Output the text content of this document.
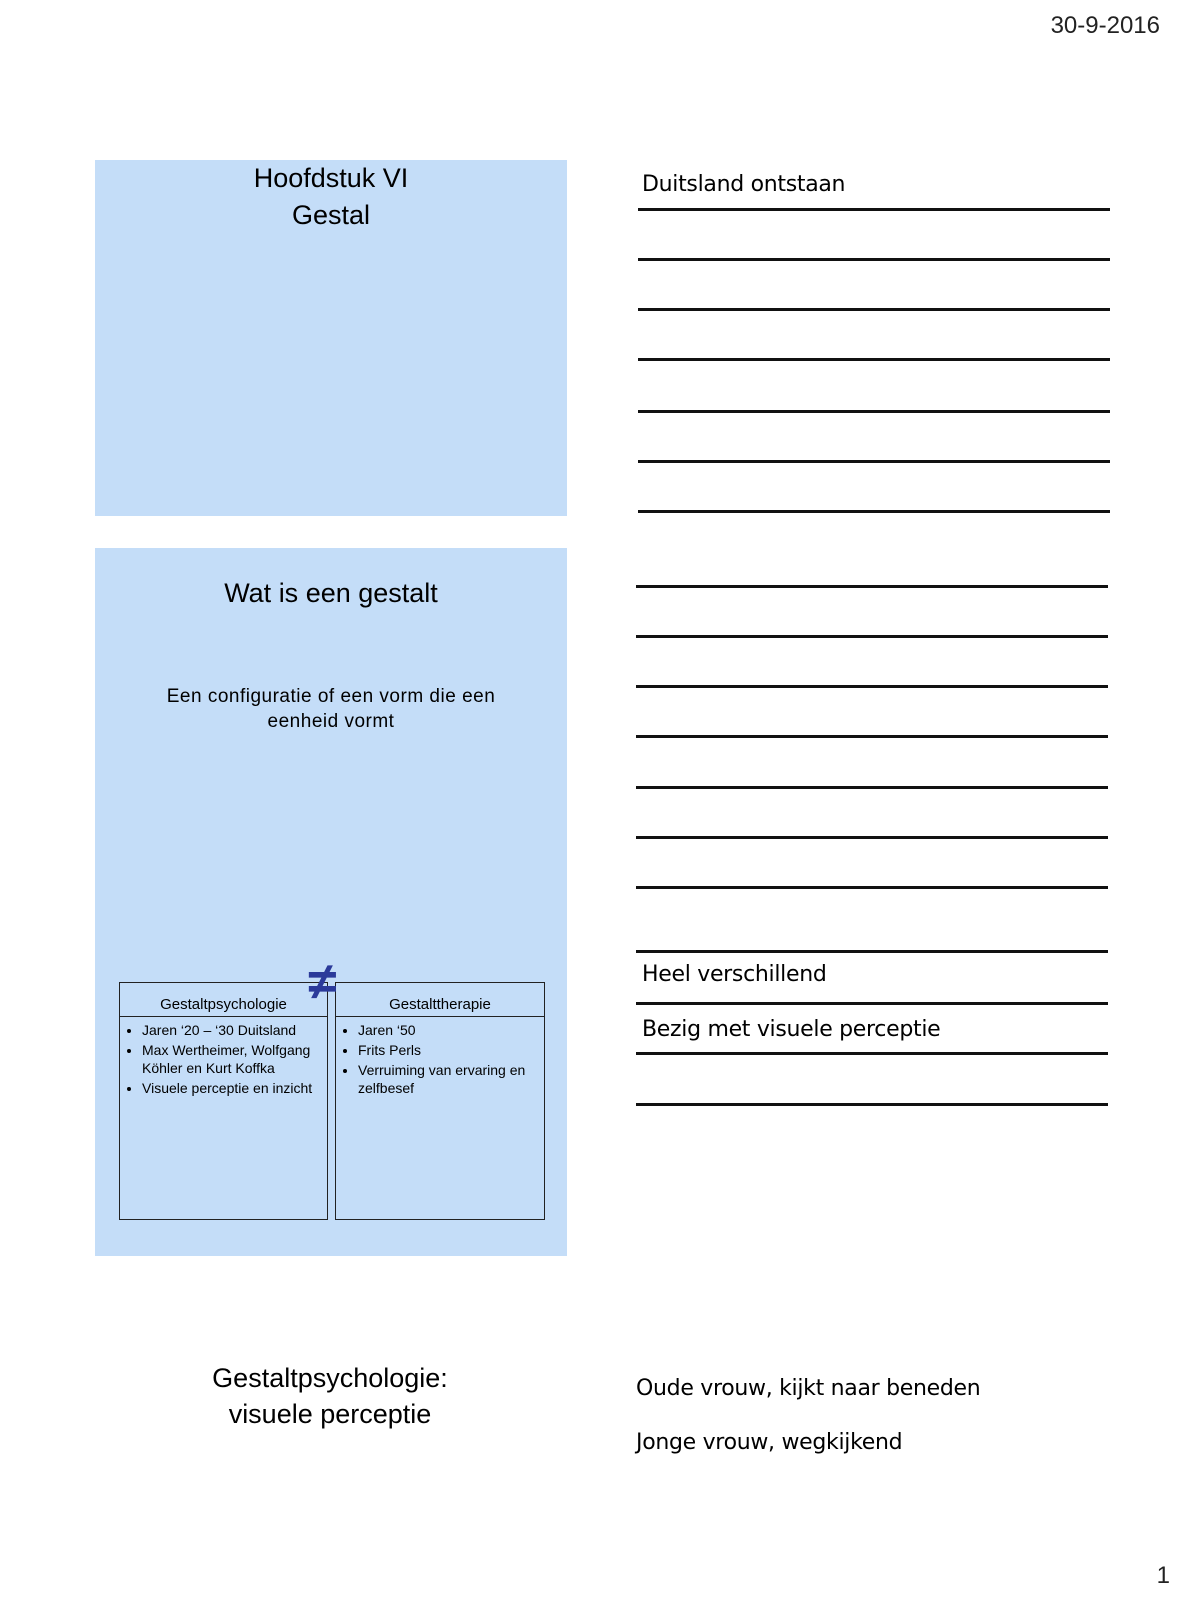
30-9-2016
Hoofdstuk VI
Gestal
Duitsland ontstaan
Wat is een gestalt
Een configuratie of een vorm die een eenheid vormt
Gestaltpsychologie
• Jaren ‘20 – ‘30 Duitsland
• Max Wertheimer, Wolfgang Köhler en Kurt Koffka
• Visuele perceptie en inzicht
Gestalttherapie
• Jaren ‘50
• Frits Perls
• Verruiming van ervaring en zelfbesef
≠	Heel verschillend
Bezig met visuele perceptie
Gestaltpsychologie:
visuele perceptie
Oude vrouw, kijkt naar beneden
Jonge vrouw, wegkijkend
1
